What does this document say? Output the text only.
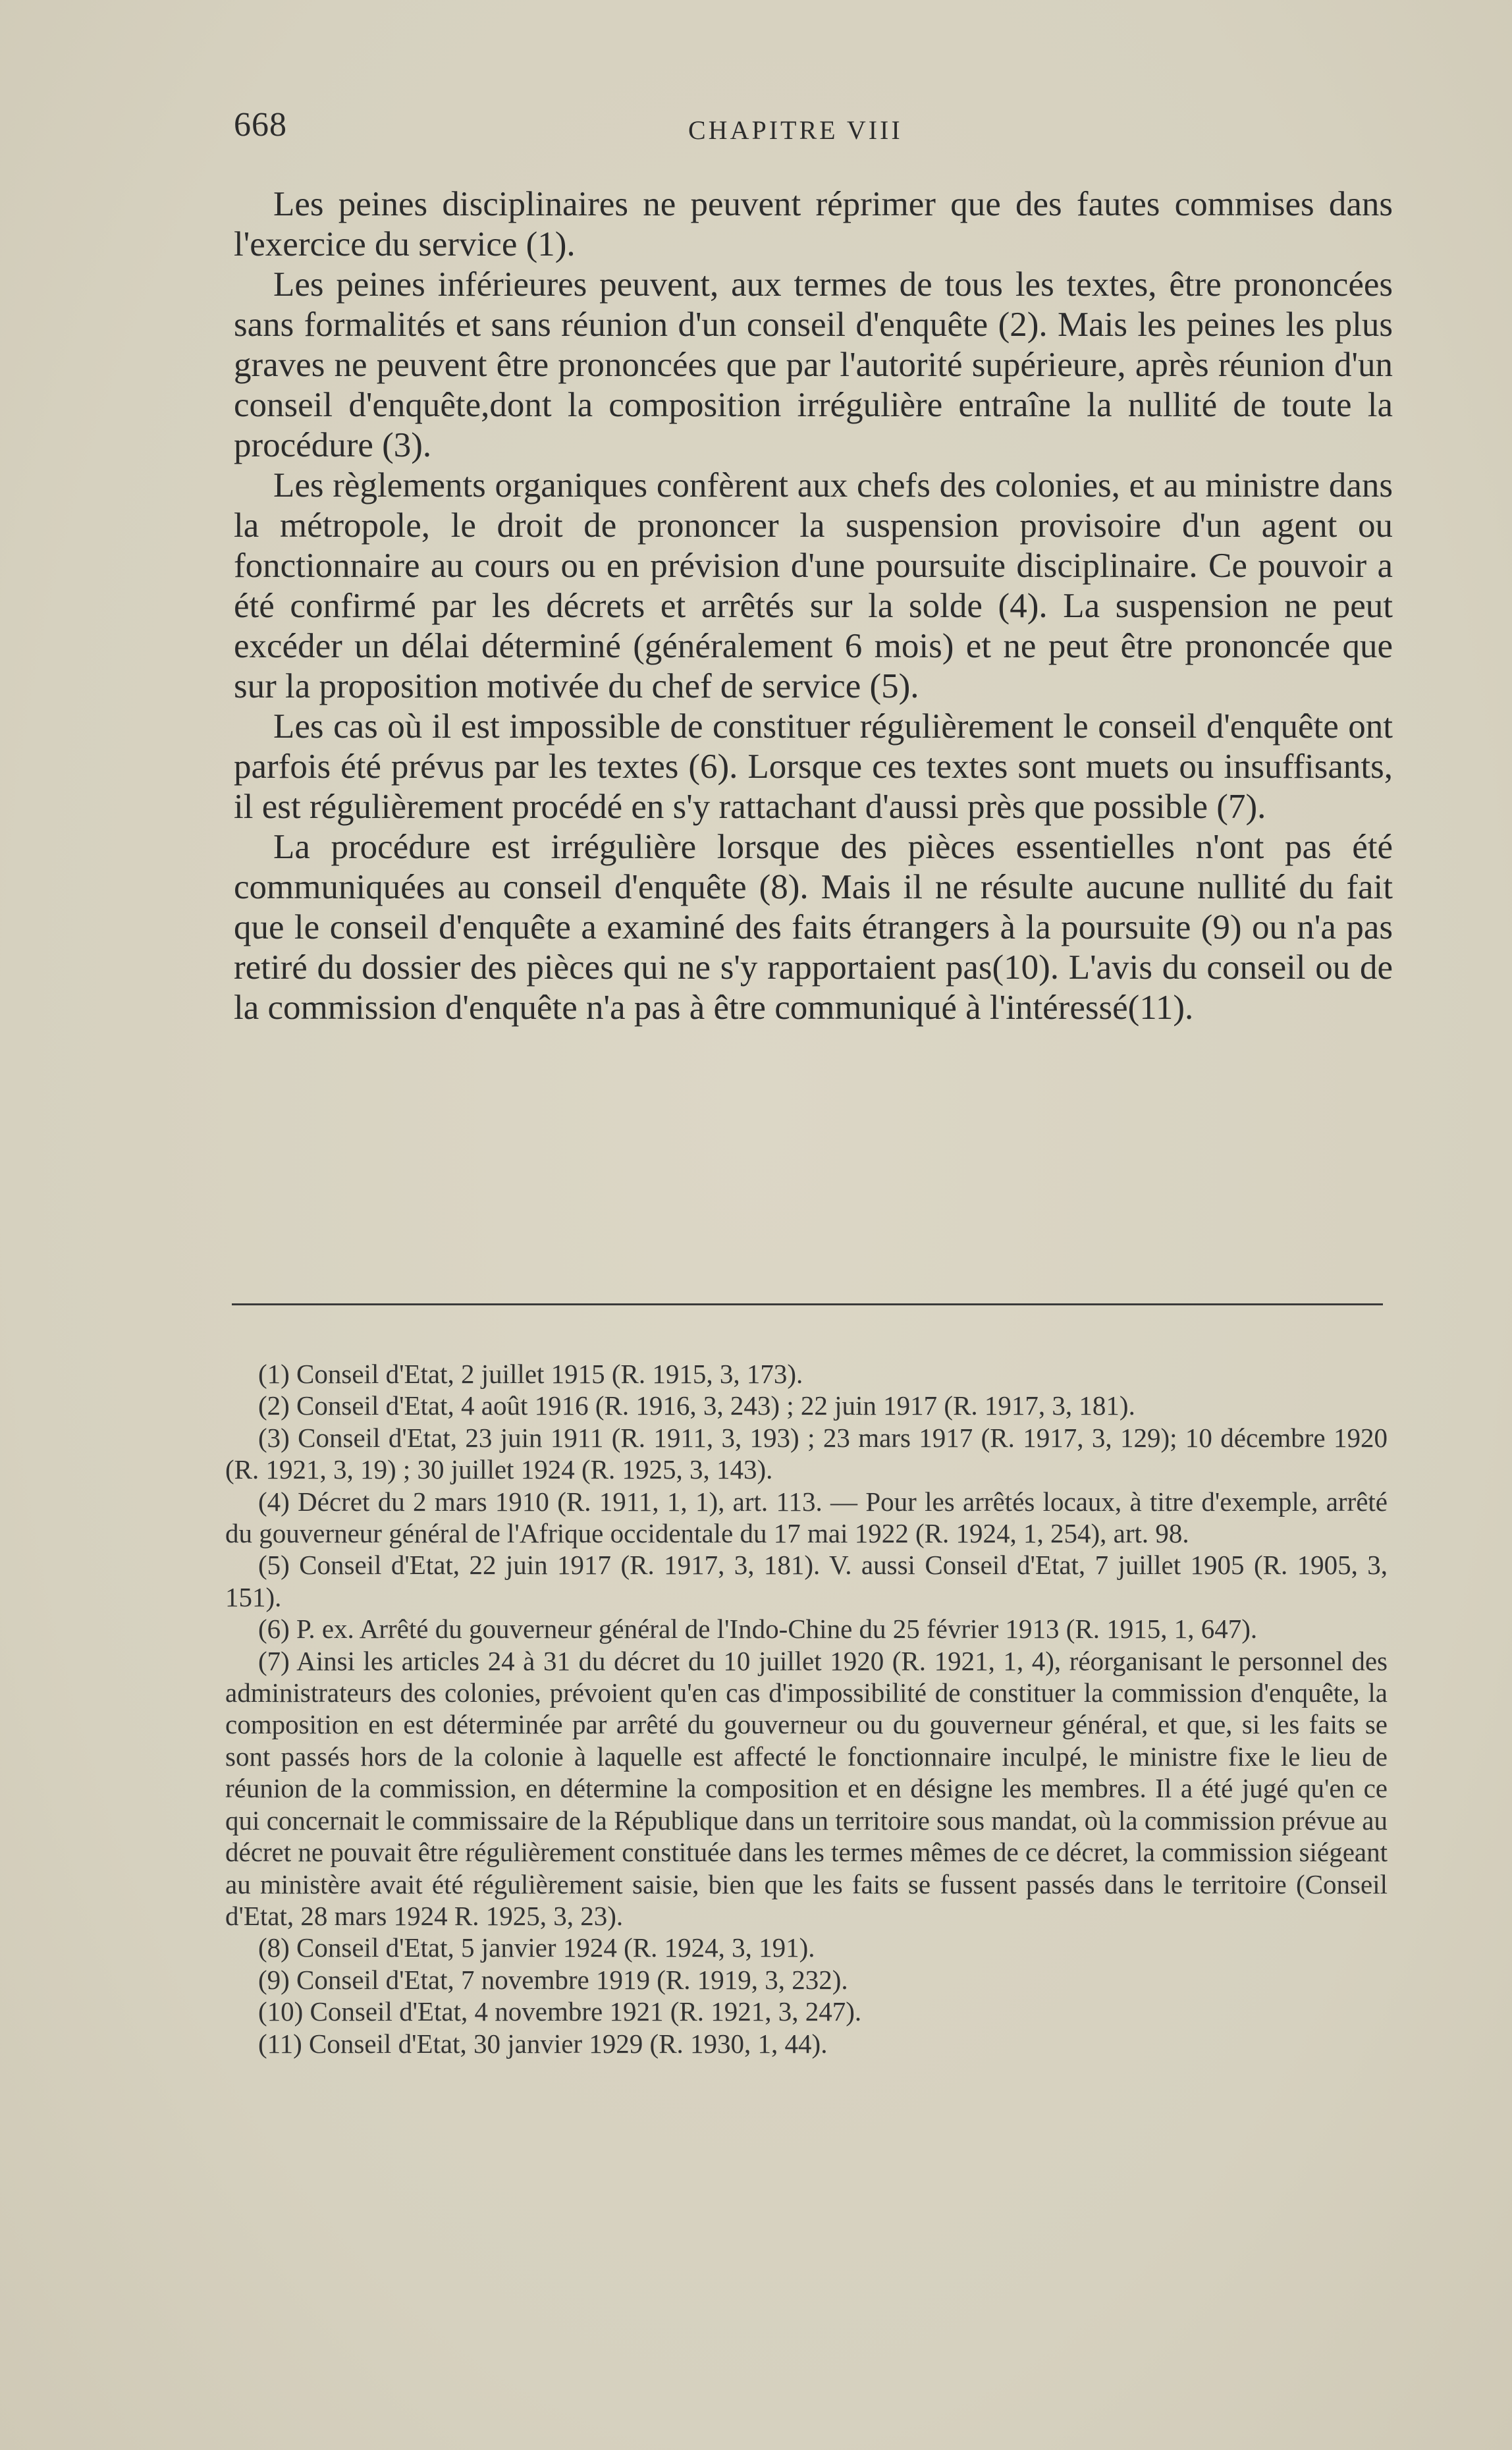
668	CHAPITRE VIII

Les peines disciplinaires ne peuvent réprimer que des fautes commises dans l'exercice du service (1).

Les peines inférieures peuvent, aux termes de tous les textes, être prononcées sans formalités et sans réunion d'un conseil d'enquête (2). Mais les peines les plus graves ne peuvent être prononcées que par l'autorité supérieure, après réunion d'un conseil d'enquête,dont la composition irrégulière entraîne la nullité de toute la procédure (3).

Les règlements organiques confèrent aux chefs des colonies, et au ministre dans la métropole, le droit de prononcer la suspension provisoire d'un agent ou fonctionnaire au cours ou en prévision d'une poursuite disciplinaire. Ce pouvoir a été confirmé par les décrets et arrêtés sur la solde (4). La suspension ne peut excéder un délai déterminé (généralement 6 mois) et ne peut être prononcée que sur la proposition motivée du chef de service (5).

Les cas où il est impossible de constituer régulièrement le conseil d'enquête ont parfois été prévus par les textes (6). Lorsque ces textes sont muets ou insuffisants, il est régulièrement procédé en s'y rattachant d'aussi près que possible (7).

La procédure est irrégulière lorsque des pièces essentielles n'ont pas été communiquées au conseil d'enquête (8). Mais il ne résulte aucune nullité du fait que le conseil d'enquête a examiné des faits étrangers à la poursuite (9) ou n'a pas retiré du dossier des pièces qui ne s'y rapportaient pas(10). L'avis du conseil ou de la commission d'enquête n'a pas à être communiqué à l'intéressé(11).

(1) Conseil d'Etat, 2 juillet 1915 (R. 1915, 3, 173).

(2) Conseil d'Etat, 4 août 1916 (R. 1916, 3, 243) ; 22 juin 1917 (R. 1917, 3, 181).

(3) Conseil d'Etat, 23 juin 1911 (R. 1911, 3, 193) ; 23 mars 1917 (R. 1917, 3, 129); 10 décembre 1920 (R. 1921, 3, 19) ; 30 juillet 1924 (R. 1925, 3, 143).

(4) Décret du 2 mars 1910 (R. 1911, 1, 1), art. 113. — Pour les arrêtés locaux, à titre d'exemple, arrêté du gouverneur général de l'Afrique occidentale du 17 mai 1922 (R. 1924, 1, 254), art. 98.

(5) Conseil d'Etat, 22 juin 1917 (R. 1917, 3, 181). V. aussi Conseil d'Etat, 7 juillet 1905 (R. 1905, 3, 151).

(6) P. ex. Arrêté du gouverneur général de l'Indo-Chine du 25 février 1913 (R. 1915, 1, 647).

(7) Ainsi les articles 24 à 31 du décret du 10 juillet 1920 (R. 1921, 1, 4), réorganisant le personnel des administrateurs des colonies, prévoient qu'en cas d'impossibilité de constituer la commission d'enquête, la composition en est déterminée par arrêté du gouverneur ou du gouverneur général, et que, si les faits se sont passés hors de la colonie à laquelle est affecté le fonctionnaire inculpé, le ministre fixe le lieu de réunion de la commission, en détermine la composition et en désigne les membres. Il a été jugé qu'en ce qui concernait le commissaire de la République dans un territoire sous mandat, où la commission prévue au décret ne pouvait être régulièrement constituée dans les termes mêmes de ce décret, la commission siégeant au ministère avait été régulièrement saisie, bien que les faits se fussent passés dans le territoire (Conseil d'Etat, 28 mars 1924 R. 1925, 3, 23).

(8) Conseil d'Etat, 5 janvier 1924 (R. 1924, 3, 191).

(9) Conseil d'Etat, 7 novembre 1919 (R. 1919, 3, 232).

(10) Conseil d'Etat, 4 novembre 1921 (R. 1921, 3, 247).

(11) Conseil d'Etat, 30 janvier 1929 (R. 1930, 1, 44).
